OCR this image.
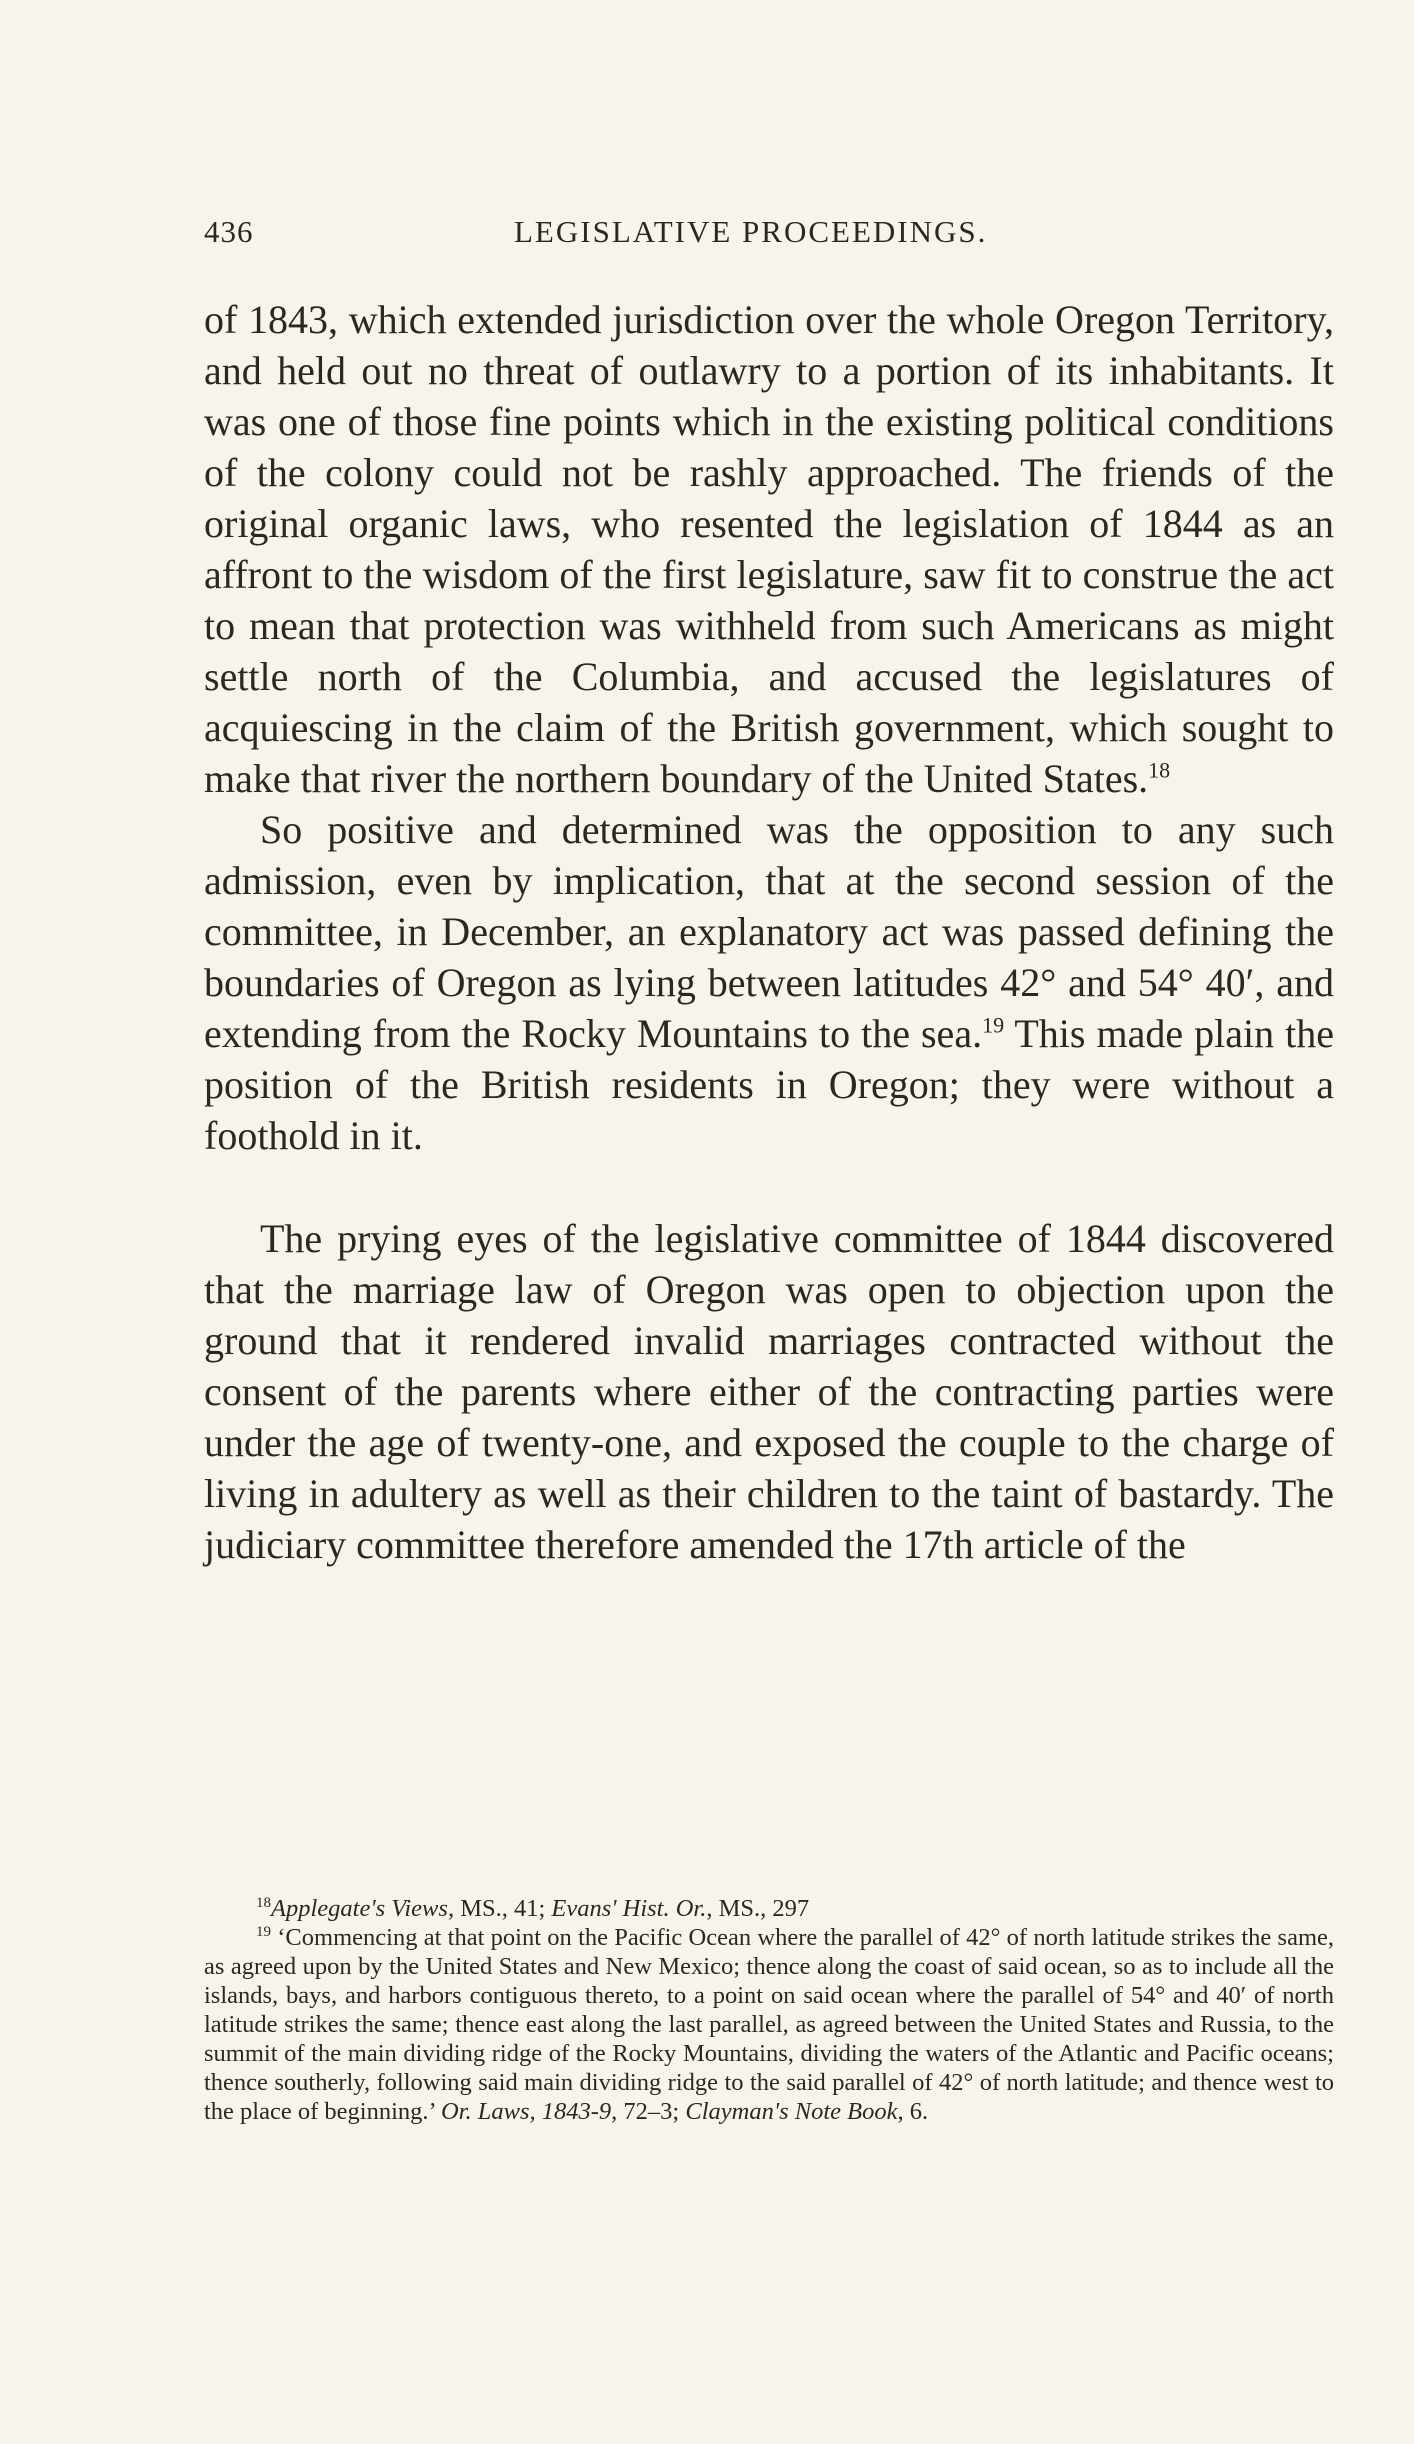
436	LEGISLATIVE PROCEEDINGS.

of 1843, which extended jurisdiction over the whole Oregon Territory, and held out no threat of outlawry to a portion of its inhabitants. It was one of those fine points which in the existing political conditions of the colony could not be rashly approached. The friends of the original organic laws, who resented the legislation of 1844 as an affront to the wisdom of the first legislature, saw fit to construe the act to mean that protection was withheld from such Americans as might settle north of the Columbia, and accused the legislatures of acquiescing in the claim of the British government, which sought to make that river the northern boundary of the United States.$^{18}$

So positive and determined was the opposition to any such admission, even by implication, that at the second session of the committee, in December, an explanatory act was passed defining the boundaries of Oregon as lying between latitudes 42° and 54° 40′, and extending from the Rocky Mountains to the sea.$^{19}$ This made plain the position of the British residents in Oregon; they were without a foothold in it.

The prying eyes of the legislative committee of 1844 discovered that the marriage law of Oregon was open to objection upon the ground that it rendered invalid marriages contracted without the consent of the parents where either of the contracting parties were under the age of twenty-one, and exposed the couple to the charge of living in adultery as well as their children to the taint of bastardy. The judiciary committee therefore amended the 17th article of the

$^{18}$Applegate's Views, MS., 41; Evans' Hist. Or., MS., 297

$^{19}$ ‘Commencing at that point on the Pacific Ocean where the parallel of 42° of north latitude strikes the same, as agreed upon by the United States and New Mexico; thence along the coast of said ocean, so as to include all the islands, bays, and harbors contiguous thereto, to a point on said ocean where the parallel of 54° and 40′ of north latitude strikes the same; thence east along the last parallel, as agreed between the United States and Russia, to the summit of the main dividing ridge of the Rocky Mountains, dividing the waters of the Atlantic and Pacific oceans; thence southerly, following said main dividing ridge to the said parallel of 42° of north latitude; and thence west to the place of beginning.’ Or. Laws, 1843-9, 72–3; Clayman's Note Book, 6.
